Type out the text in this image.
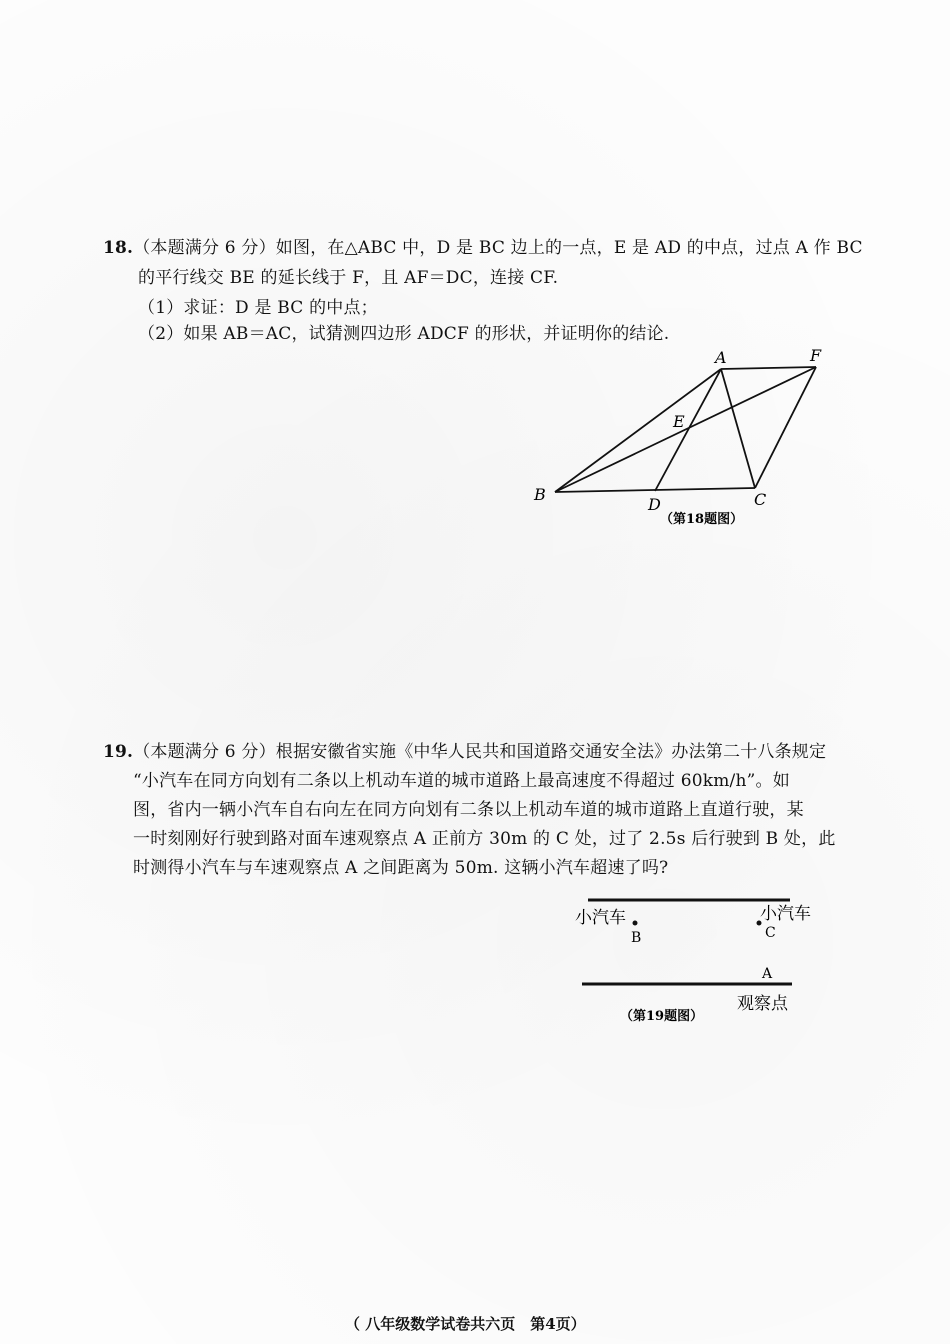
18.（本题满分 6 分）如图，在△ABC 中，D 是 BC 边上的一点，E 是 AD 的中点，过点 A 作 BC
的平行线交 BE 的延长线于 F，且 AF＝DC，连接 CF.
（1）求证：D 是 BC 的中点；
（2）如果 AB＝AC，试猜测四边形 ADCF 的形状，并证明你的结论.
A	F
E
B
D	C
（第18题图）
19.（本题满分 6 分）根据安徽省实施《中华人民共和国道路交通安全法》办法第二十八条规定
“小汽车在同方向划有二条以上机动车道的城市道路上最高速度不得超过 60km/h”。如
图，省内一辆小汽车自右向左在同方向划有二条以上机动车道的城市道路上直道行驶，某
一时刻刚好行驶到路对面车速观察点 A 正前方 30m 的 C 处，过了 2.5s 后行驶到 B 处，此
时测得小汽车与车速观察点 A 之间距离为 50m. 这辆小汽车超速了吗?
小汽车
B
小汽车
C
A
观察点
（第19题图）
（ 八年级数学试卷共六页　第4页）
